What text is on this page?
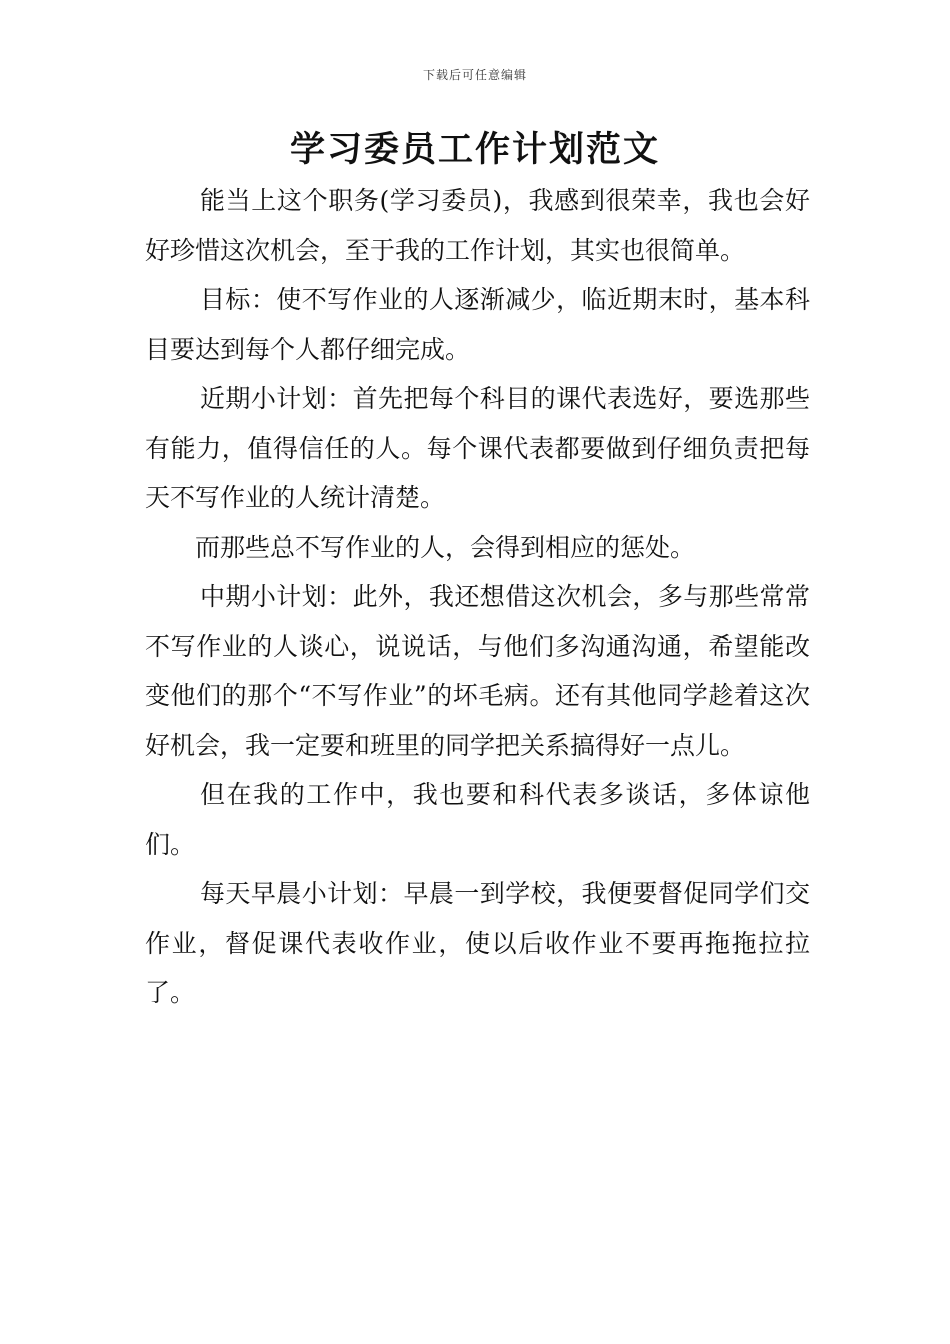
下载后可任意编辑
学习委员工作计划范文

能当上这个职务(学习委员)，我感到很荣幸，我也会好好珍惜这次机会，至于我的工作计划，其实也很简单。

目标：使不写作业的人逐渐减少，临近期末时，基本科目要达到每个人都仔细完成。

近期小计划：首先把每个科目的课代表选好，要选那些有能力，值得信任的人。每个课代表都要做到仔细负责把每天不写作业的人统计清楚。

而那些总不写作业的人，会得到相应的惩处。

中期小计划：此外，我还想借这次机会，多与那些常常不写作业的人谈心，说说话，与他们多沟通沟通，希望能改变他们的那个“不写作业”的坏毛病。还有其他同学趁着这次好机会，我一定要和班里的同学把关系搞得好一点儿。

但在我的工作中，我也要和科代表多谈话，多体谅他们。

每天早晨小计划：早晨一到学校，我便要督促同学们交作业，督促课代表收作业，使以后收作业不要再拖拖拉拉了。
